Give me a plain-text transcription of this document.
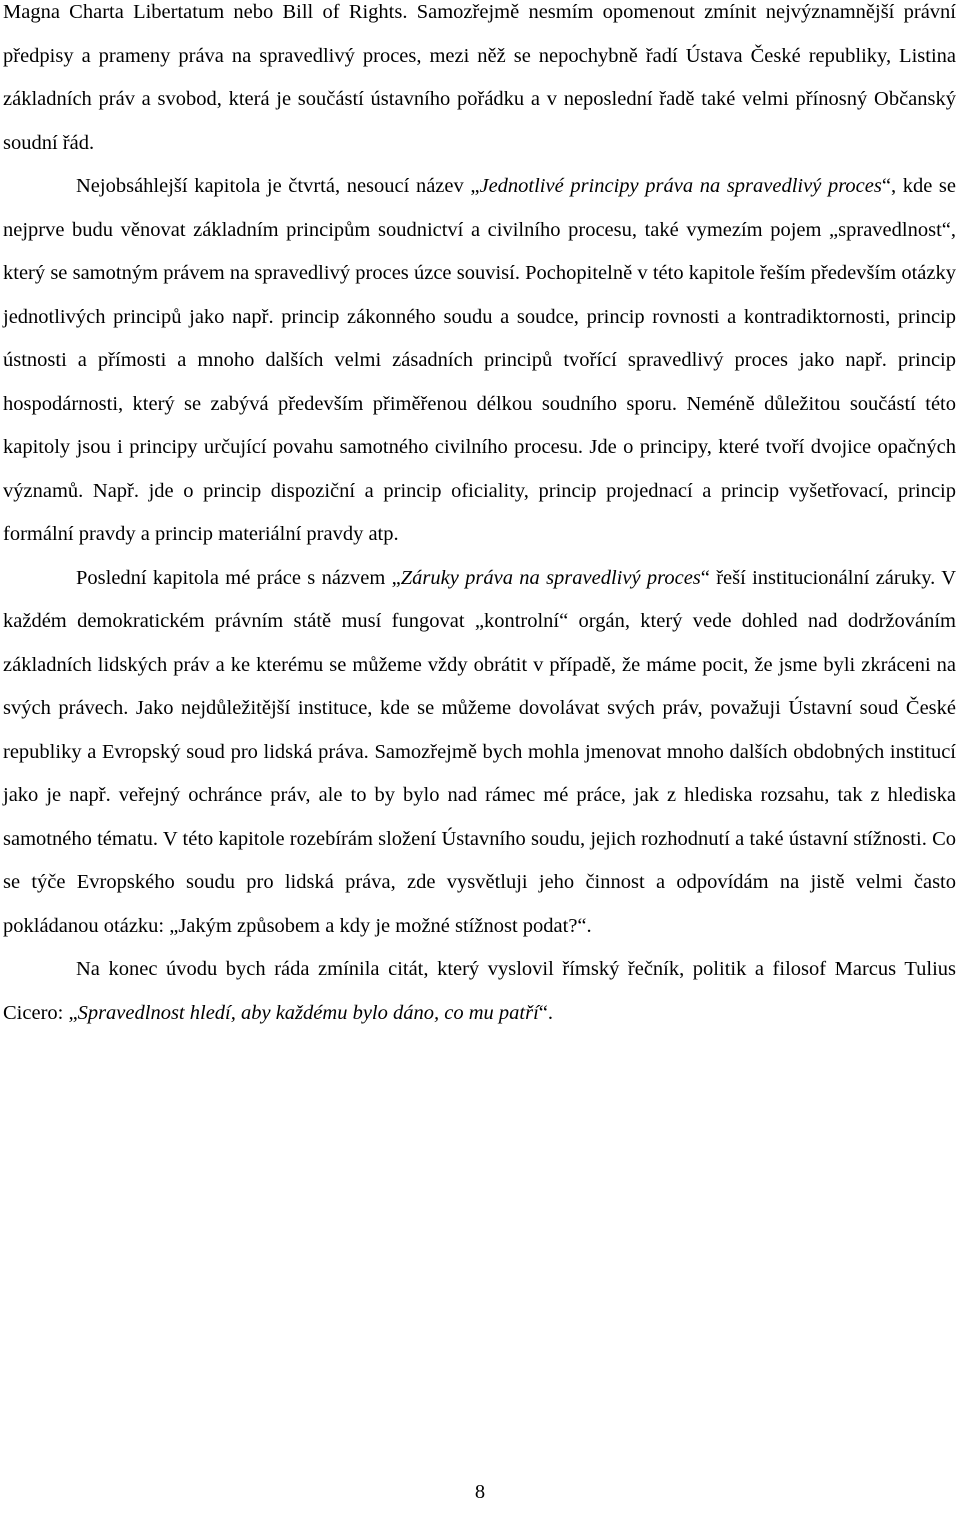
Magna Charta Libertatum nebo Bill of Rights. Samozřejmě nesmím opomenout zmínit nejvýznamnější právní předpisy a prameny práva na spravedlivý proces, mezi něž se nepochybně řadí Ústava České republiky, Listina základních práv a svobod, která je součástí ústavního pořádku a v neposlední řadě také velmi přínosný Občanský soudní řád.

Nejobsáhlejší kapitola je čtvrtá, nesoucí název „Jednotlivé principy práva na spravedlivý proces“, kde se nejprve budu věnovat základním principům soudnictví a civilního procesu, také vymezím pojem „spravedlnost“, který se samotným právem na spravedlivý proces úzce souvisí. Pochopitelně v této kapitole řeším především otázky jednotlivých principů jako např. princip zákonného soudu a soudce, princip rovnosti a kontradiktornosti, princip ústnosti a přímosti a mnoho dalších velmi zásadních principů tvořící spravedlivý proces jako např. princip hospodárnosti, který se zabývá především přiměřenou délkou soudního sporu. Neméně důležitou součástí této kapitoly jsou i principy určující povahu samotného civilního procesu. Jde o principy, které tvoří dvojice opačných významů. Např. jde o princip dispoziční a princip oficiality, princip projednací a princip vyšetřovací, princip formální pravdy a princip materiální pravdy atp.

Poslední kapitola mé práce s názvem „Záruky práva na spravedlivý proces“ řeší institucionální záruky. V každém demokratickém právním státě musí fungovat „kontrolní“ orgán, který vede dohled nad dodržováním základních lidských práv a ke kterému se můžeme vždy obrátit v případě, že máme pocit, že jsme byli zkráceni na svých právech. Jako nejdůležitější instituce, kde se můžeme dovolávat svých práv, považuji Ústavní soud České republiky a Evropský soud pro lidská práva. Samozřejmě bych mohla jmenovat mnoho dalších obdobných institucí jako je např. veřejný ochránce práv, ale to by bylo nad rámec mé práce, jak z hlediska rozsahu, tak z hlediska samotného tématu. V této kapitole rozebírám složení Ústavního soudu, jejich rozhodnutí a také ústavní stížnosti. Co se týče Evropského soudu pro lidská práva, zde vysvětluji jeho činnost a odpovídám na jistě velmi často pokládanou otázku: „Jakým způsobem a kdy je možné stížnost podat?“.

Na konec úvodu bych ráda zmínila citát, který vyslovil římský řečník, politik a filosof Marcus Tulius Cicero: „Spravedlnost hledí, aby každému bylo dáno, co mu patří“.

8
